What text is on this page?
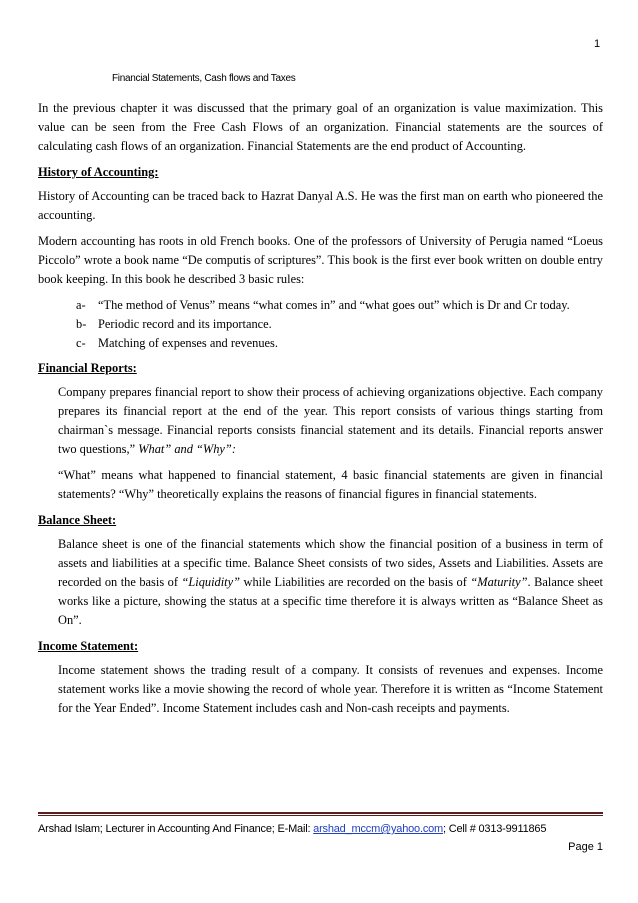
1
Financial Statements, Cash flows and Taxes

In the previous chapter it was discussed that the primary goal of an organization is value maximization. This value can be seen from the Free Cash Flows of an organization. Financial statements are the sources of calculating cash flows of an organization. Financial Statements are the end product of Accounting.

History of Accounting:

History of Accounting can be traced back to Hazrat Danyal A.S. He was the first man on earth who pioneered the accounting.

Modern accounting has roots in old French books. One of the professors of University of Perugia named “Loeus Piccolo” wrote a book name “De computis of scriptures”. This book is the first ever book written on double entry book keeping. In this book he described 3 basic rules:

a- “The method of Venus” means “what comes in” and “what goes out” which is Dr and Cr today.
b- Periodic record and its importance.
c- Matching of expenses and revenues.
Financial Reports:

Company prepares financial report to show their process of achieving organizations objective. Each company prepares its financial report at the end of the year. This report consists of various things starting from chairman`s message. Financial reports consists financial statement and its details. Financial reports answer two questions,” What” and “Why”:

“What” means what happened to financial statement, 4 basic financial statements are given in financial statements? “Why” theoretically explains the reasons of financial figures in financial statements.

Balance Sheet:

Balance sheet is one of the financial statements which show the financial position of a business in term of assets and liabilities at a specific time. Balance Sheet consists of two sides, Assets and Liabilities. Assets are recorded on the basis of “Liquidity” while Liabilities are recorded on the basis of “Maturity”. Balance sheet works like a picture, showing the status at a specific time therefore it is always written as “Balance Sheet as On”.

Income Statement:

Income statement shows the trading result of a company. It consists of revenues and expenses. Income statement works like a movie showing the record of whole year. Therefore it is written as “Income Statement for the Year Ended”. Income Statement includes cash and Non-cash receipts and payments.

Arshad Islam; Lecturer in Accounting And Finance; E-Mail: arshad_mccm@yahoo.com; Cell # 0313-9911865
Page 1
